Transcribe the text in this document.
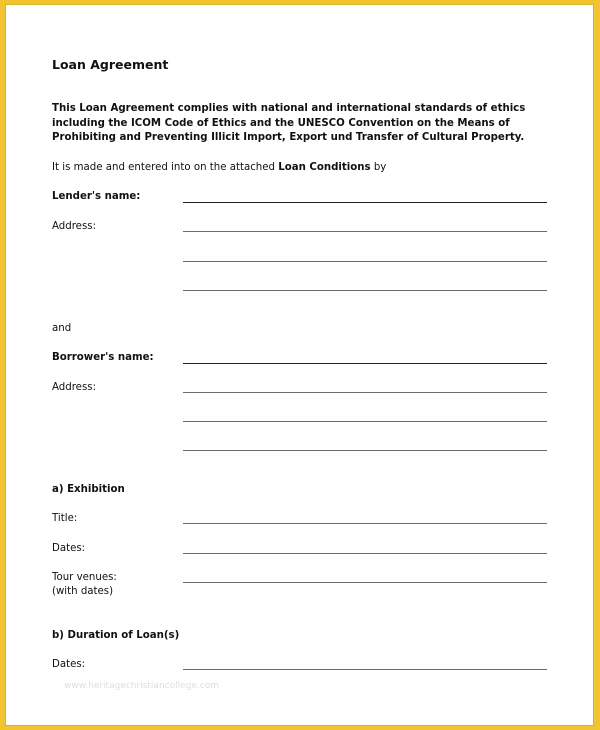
Loan Agreement
This Loan Agreement complies with national and international standards of ethics including the ICOM Code of Ethics and the UNESCO Convention on the Means of Prohibiting and Preventing Illicit Import, Export und Transfer of Cultural Property.
It is made and entered into on the attached Loan Conditions by
Lender's name:
Address:
and
Borrower's name:
Address:
a) Exhibition
Title:
Dates:
Tour venues:
(with dates)
b) Duration of Loan(s)
Dates:
www.heritagechristiancollege.com
